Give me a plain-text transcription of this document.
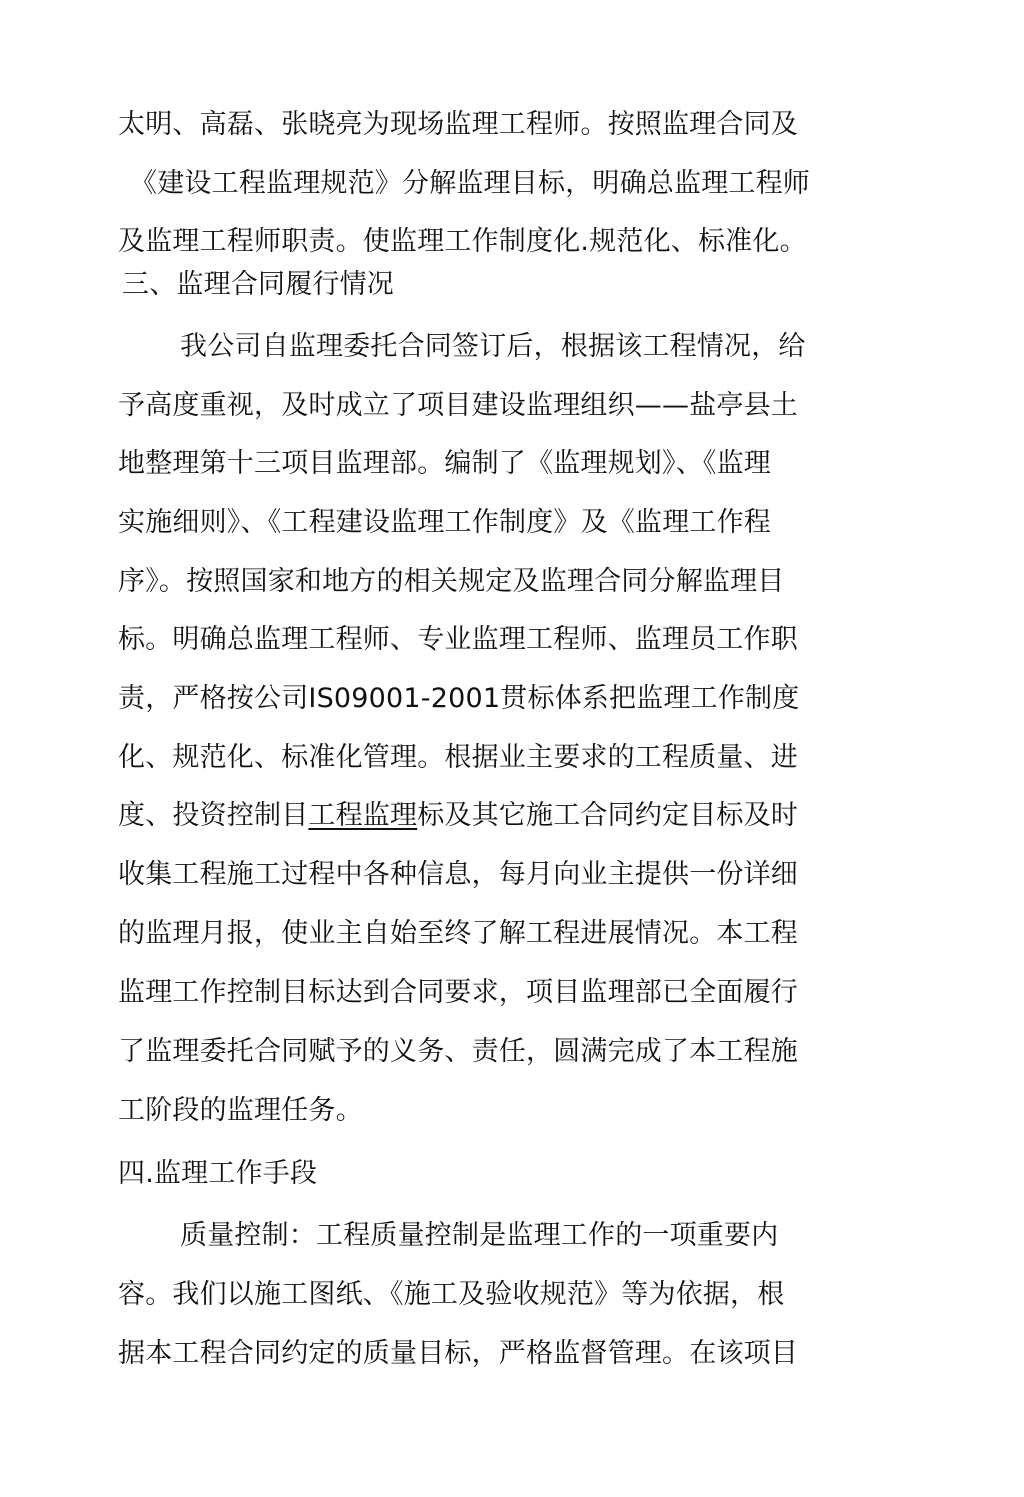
太明、高磊、张晓亮为现场监理工程师。按照监理合同及
《建设工程监理规范》分解监理目标，明确总监理工程师
及监理工程师职责。使监理工作制度化.规范化、标准化。
三、监理合同履行情况
我公司自监理委托合同签订后，根据该工程情况，给
予高度重视，及时成立了项目建设监理组织——盐亭县土
地整理第十三项目监理部。编制了《监理规划》、《监理
实施细则》、《工程建设监理工作制度》及《监理工作程
序》。按照国家和地方的相关规定及监理合同分解监理目
标。明确总监理工程师、专业监理工程师、监理员工作职
责，严格按公司IS09001-2001贯标体系把监理工作制度
化、规范化、标准化管理。根据业主要求的工程质量、进
度、投资控制目工程监理标及其它施工合同约定目标及时
收集工程施工过程中各种信息，每月向业主提供一份详细
的监理月报，使业主自始至终了解工程进展情况。本工程
监理工作控制目标达到合同要求，项目监理部已全面履行
了监理委托合同赋予的义务、责任，圆满完成了本工程施
工阶段的监理任务。
四.监理工作手段
质量控制：工程质量控制是监理工作的一项重要内
容。我们以施工图纸、《施工及验收规范》等为依据，根
据本工程合同约定的质量目标，严格监督管理。在该项目
